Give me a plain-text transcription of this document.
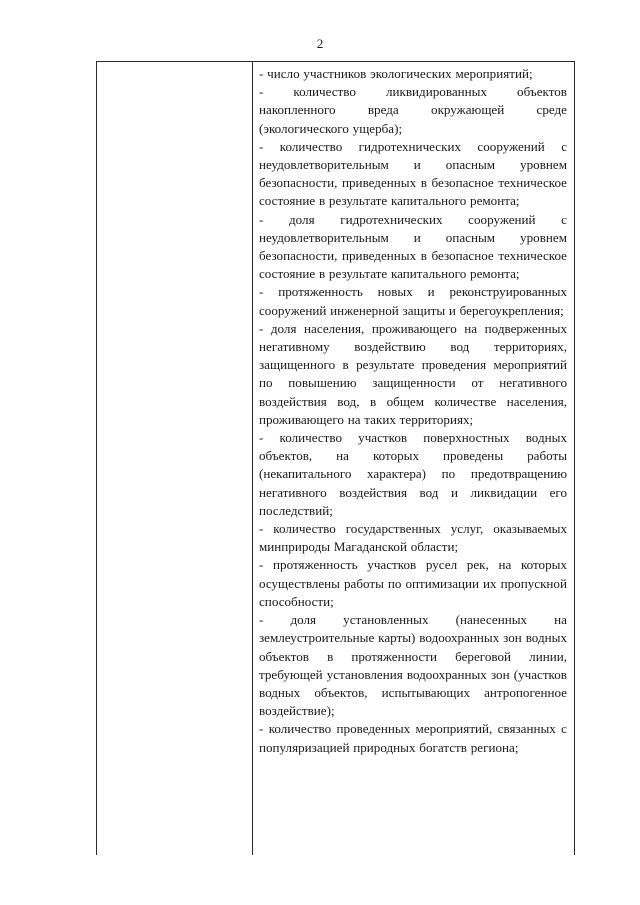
2

- число участников экологических мероприятий;

- количество ликвидированных объектов накопленного вреда окружающей среде (экологического ущерба);

- количество гидротехнических сооружений с неудовлетворительным и опасным уровнем безопасности, приведенных в безопасное техническое состояние в результате капитального ремонта;

- доля гидротехнических сооружений с неудовлетворительным и опасным уровнем безопасности, приведенных в безопасное техническое состояние в результате капитального ремонта;

- протяженность новых и реконструированных сооружений инженерной защиты и берегоукрепления;

- доля населения, проживающего на подверженных негативному воздействию вод территориях, защищенного в результате проведения мероприятий по повышению защищенности от негативного воздействия вод, в общем количестве населения, проживающего на таких территориях;

- количество участков поверхностных водных объектов, на которых проведены работы (некапитального характера) по предотвращению негативного воздействия вод и ликвидации его последствий;

- количество государственных услуг, оказываемых минприроды Магаданской области;

- протяженность участков русел рек, на которых осуществлены работы по оптимизации их пропускной способности;

- доля установленных (нанесенных на землеустроительные карты) водоохранных зон водных объектов в протяженности береговой линии, требующей установления водоохранных зон (участков водных объектов, испытывающих антропогенное воздействие);

- количество проведенных мероприятий, связанных с популяризацией природных богатств региона;
